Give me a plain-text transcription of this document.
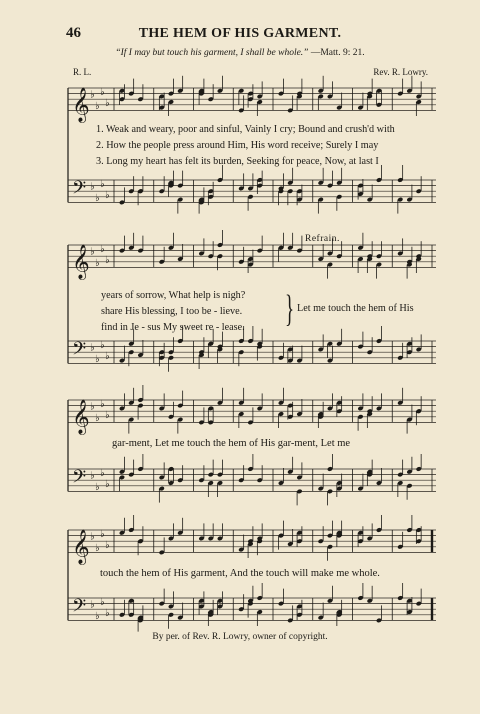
46	THE HEM OF HIS GARMENT.
“If I may but touch his garment, I shall be whole.” —Matt. 9: 21.
R. L.	Rev. R. Lowry.
𝄞 ♭
♭
♭
♭
𝄢 ♭
♭
♭
♭
𝄞 ♭
♭
♭
♭
𝄢 ♭
♭
♭
♭
𝄞 ♭
♭
♭
♭
𝄢 ♭
♭
♭
♭
𝄞 ♭
♭
♭
♭
𝄢 ♭
♭
♭
♭
1. Weak and weary, poor and sinful, Vainly I cry; Bound and crush'd with
2. How the people press around Him, His word receive; Surely I may
3. Long my heart has felt its burden, Seeking for peace, Now, at last I
Refrain.
years of sorrow, What help is nigh?
share His blessing, I too be - lieve.
find in Je - sus My sweet re - lease. } Let me touch the hem of His
gar-ment, Let me touch the hem of His gar-ment, Let me
touch the hem of His garment, And the touch will make me whole.
By per. of Rev. R. Lowry, owner of copyright.
